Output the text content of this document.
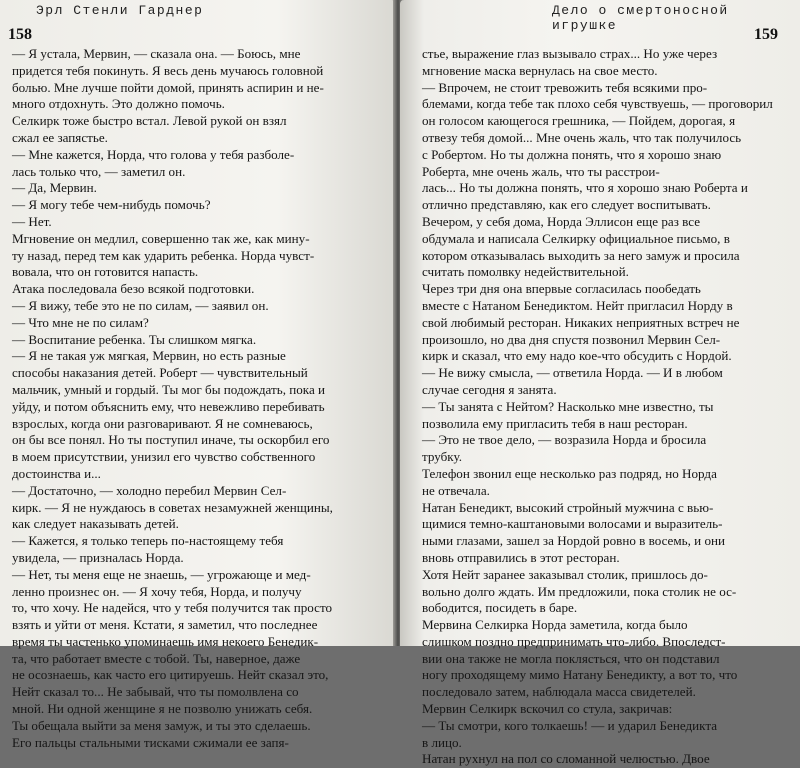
Эрл Стенли Гарднер
158
— Я устала, Мервин, — сказала она. — Боюсь, мне
придется тебя покинуть. Я весь день мучаюсь головной
болью. Мне лучше пойти домой, принять аспирин и не-
много отдохнуть. Это должно помочь.
Селкирк тоже быстро встал. Левой рукой он взял
сжал ее запястье.
— Мне кажется, Норда, что голова у тебя разболе-
лась только что, — заметил он.
— Да, Мервин.
— Я могу тебе чем-нибудь помочь?
— Нет.
Мгновение он медлил, совершенно так же, как мину-
ту назад, перед тем как ударить ребенка. Норда чувст-
вовала, что он готовится напасть.
Атака последовала безо всякой подготовки.
— Я вижу, тебе это не по силам, — заявил он.
— Что мне не по силам?
— Воспитание ребенка. Ты слишком мягка.
— Я не такая уж мягкая, Мервин, но есть разные
способы наказания детей. Роберт — чувствительный
мальчик, умный и гордый. Ты мог бы подождать, пока и
уйду, и потом объяснить ему, что невежливо перебивать
взрослых, когда они разговаривают. Я не сомневаюсь,
он бы все понял. Но ты поступил иначе, ты оскорбил его
в моем присутствии, унизил его чувство собственного
достоинства и...
— Достаточно, — холодно перебил Мервин Сел-
кирк. — Я не нуждаюсь в советах незамужней женщины,
как следует наказывать детей.
— Кажется, я только теперь по-настоящему тебя
увидела, — призналась Норда.
— Нет, ты меня еще не знаешь, — угрожающе и мед-
ленно произнес он. — Я хочу тебя, Норда, и получу
то, что хочу. Не надейся, что у тебя получится так просто
взять и уйти от меня. Кстати, я заметил, что последнее
время ты частенько упоминаешь имя некоего Бенедик-
та, что работает вместе с тобой. Ты, наверное, даже
не осознаешь, как часто его цитируешь. Нейт сказал это,
Нейт сказал то... Не забывай, что ты помолвлена со
мной. Ни одной женщине я не позволю унижать себя.
Ты обещала выйти за меня замуж, и ты это сделаешь.
Его пальцы стальными тисками сжимали ее запя-
Дело о смертоносной игрушке
159
стье, выражение глаз вызывало страх... Но уже через
мгновение маска вернулась на свое место.
— Впрочем, не стоит тревожить тебя всякими про-
блемами, когда тебе так плохо себя чувствуешь, — проговорил
он голосом кающегося грешника, — Пойдем, дорогая, я
отвезу тебя домой... Мне очень жаль, что так получилось
с Робертом. Но ты должна понять, что я хорошо знаю
Роберта, мне очень жаль, что ты расстрои-
лась... Но ты должна понять, что я хорошо знаю Роберта и
отлично представляю, как его следует воспитывать.
Вечером, у себя дома, Норда Эллисон еще раз все
обдумала и написала Селкирку официальное письмо, в
котором отказывалась выходить за него замуж и просила
считать помолвку недействительной.
Через три дня она впервые согласилась пообедать
вместе с Натаном Бенедиктом. Нейт пригласил Норду в
свой любимый ресторан. Никаких неприятных встреч не
произошло, но два дня спустя позвонил Мервин Сел-
кирк и сказал, что ему надо кое-что обсудить с Нордой.
— Не вижу смысла, — ответила Норда. — И в любом
случае сегодня я занята.
— Ты занята с Нейтом? Насколько мне известно, ты
позволила ему пригласить тебя в наш ресторан.
— Это не твое дело, — возразила Норда и бросила
трубку.
Телефон звонил еще несколько раз подряд, но Норда
не отвечала.
Натан Бенедикт, высокий стройный мужчина с вью-
щимися темно-каштановыми волосами и выразитель-
ными глазами, зашел за Нордой ровно в восемь, и они
вновь отправились в этот ресторан.
Хотя Нейт заранее заказывал столик, пришлось до-
вольно долго ждать. Им предложили, пока столик не ос-
вободится, посидеть в баре.
Мервина Селкирка Норда заметила, когда было
слишком поздно предпринимать что-либо. Впоследст-
вии она также не могла поклясться, что он подставил
ногу проходящему мимо Натану Бенедикту, а вот то, что
последовало затем, наблюдала масса свидетелей.
Мервин Селкирк вскочил со стула, закричав:
— Ты смотри, кого толкаешь! — и ударил Бенедикта
в лицо.
Натан рухнул на пол со сломанной челюстью. Двое
